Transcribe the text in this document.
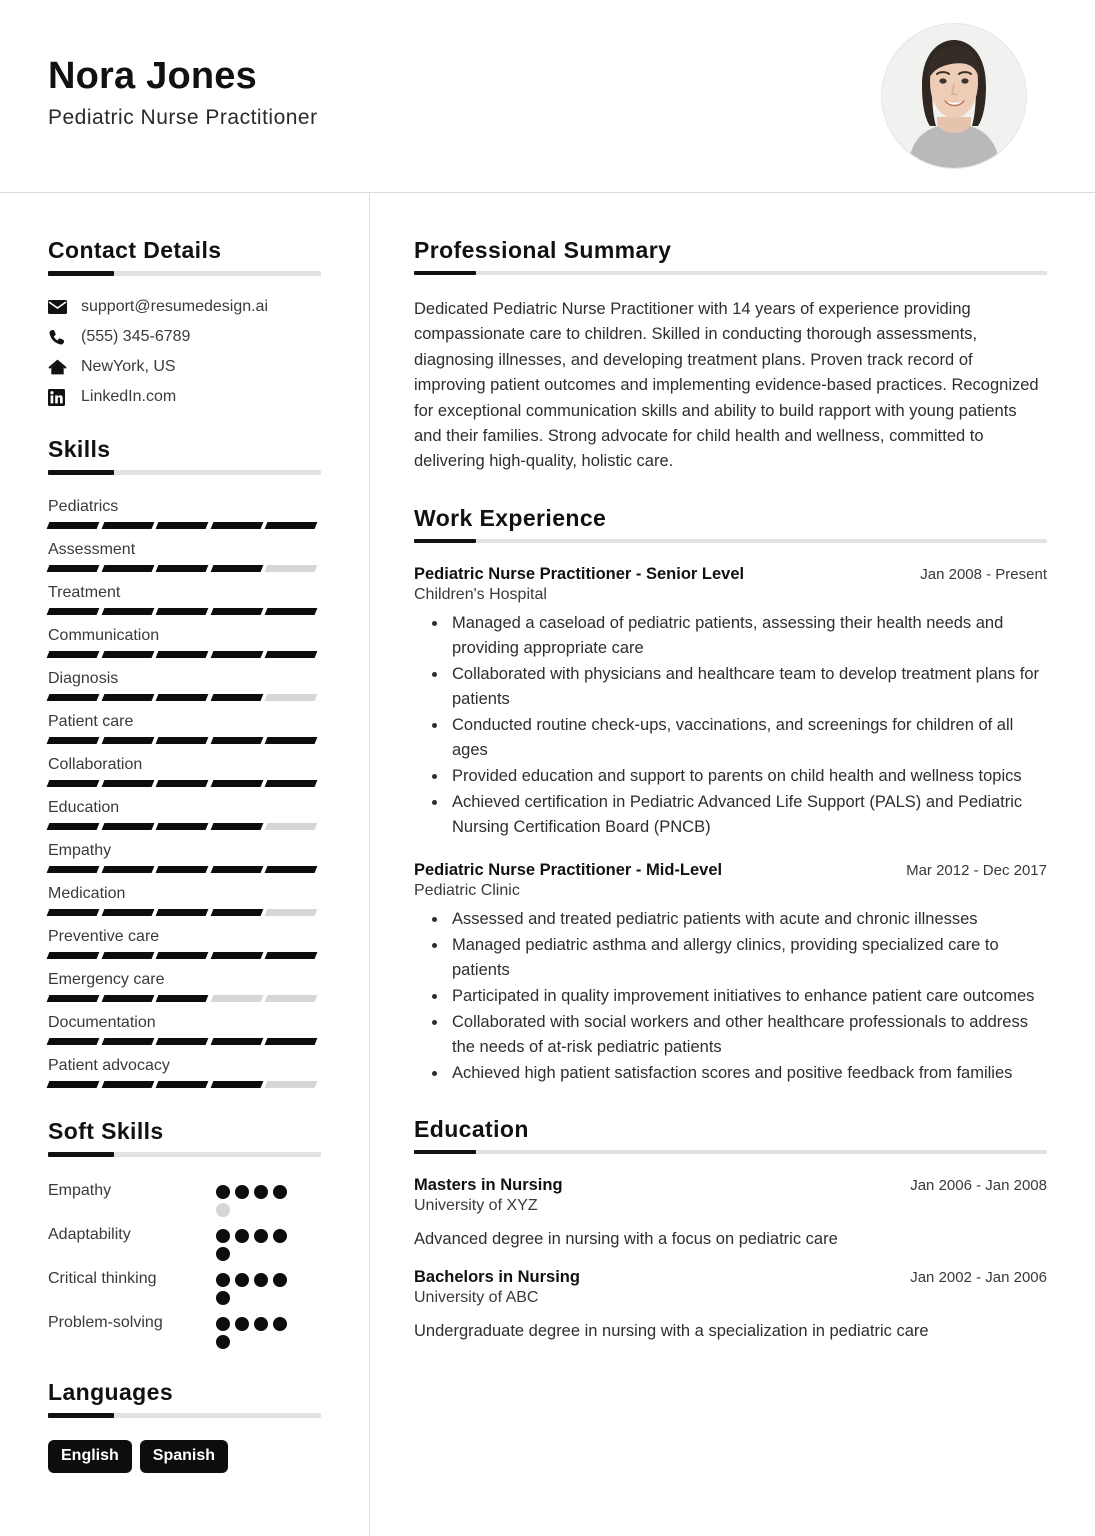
Nora Jones
Pediatric Nurse Practitioner
Contact Details
support@resumedesign.ai
(555) 345-6789
NewYork, US
LinkedIn.com
Skills
Pediatrics
Assessment
Treatment
Communication
Diagnosis
Patient care
Collaboration
Education
Empathy
Medication
Preventive care
Emergency care
Documentation
Patient advocacy
Soft Skills
Empathy
Adaptability
Critical thinking
Problem-solving
Languages
English	Spanish
Professional Summary

Dedicated Pediatric Nurse Practitioner with 14 years of experience providing compassionate care to children. Skilled in conducting thorough assessments, diagnosing illnesses, and developing treatment plans. Proven track record of improving patient outcomes and implementing evidence-based practices. Recognized for exceptional communication skills and ability to build rapport with young patients and their families. Strong advocate for child health and wellness, committed to delivering high-quality, holistic care.

Work Experience
Pediatric Nurse Practitioner - Senior Level	Jan 2008 - Present
Children's Hospital
• Managed a caseload of pediatric patients, assessing their health needs and providing appropriate care
• Collaborated with physicians and healthcare team to develop treatment plans for patients
• Conducted routine check-ups, vaccinations, and screenings for children of all ages
• Provided education and support to parents on child health and wellness topics
• Achieved certification in Pediatric Advanced Life Support (PALS) and Pediatric Nursing Certification Board (PNCB)
Pediatric Nurse Practitioner - Mid-Level	Mar 2012 - Dec 2017
Pediatric Clinic
• Assessed and treated pediatric patients with acute and chronic illnesses
• Managed pediatric asthma and allergy clinics, providing specialized care to patients
• Participated in quality improvement initiatives to enhance patient care outcomes
• Collaborated with social workers and other healthcare professionals to address the needs of at-risk pediatric patients
• Achieved high patient satisfaction scores and positive feedback from families
Education
Masters in Nursing	Jan 2006 - Jan 2008
University of XYZ
Advanced degree in nursing with a focus on pediatric care
Bachelors in Nursing	Jan 2002 - Jan 2006
University of ABC
Undergraduate degree in nursing with a specialization in pediatric care
